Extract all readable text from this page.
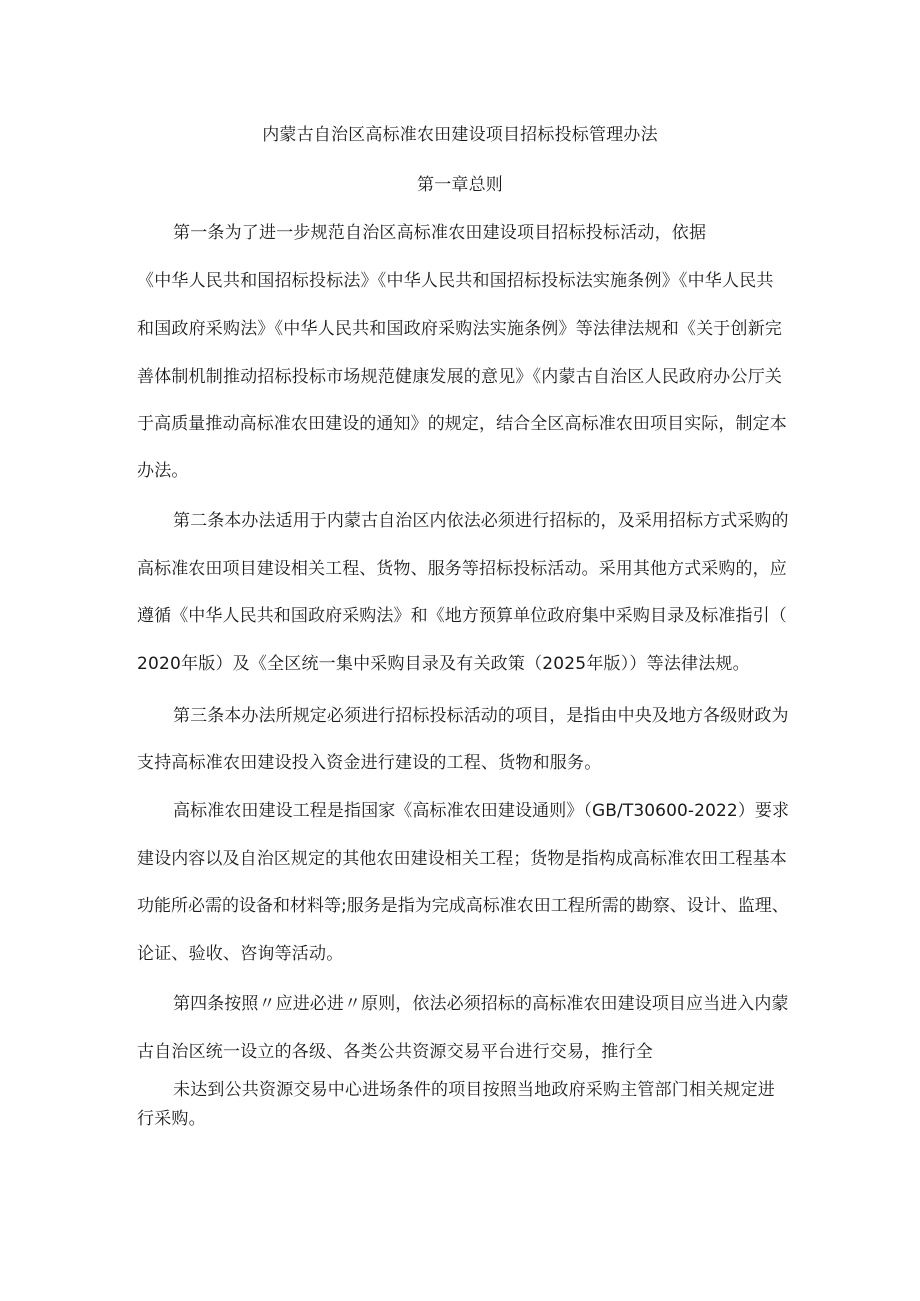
内蒙古自治区高标准农田建设项目招标投标管理办法
第一章总则
第一条为了进一步规范自治区高标准农田建设项目招标投标活动，依据
《中华人民共和国招标投标法》《中华人民共和国招标投标法实施条例》《中华人民共
和国政府采购法》《中华人民共和国政府采购法实施条例》等法律法规和《关于创新完
善体制机制推动招标投标市场规范健康发展的意见》《内蒙古自治区人民政府办公厅关
于高质量推动高标准农田建设的通知》的规定，结合全区高标准农田项目实际，制定本
办法。
第二条本办法适用于内蒙古自治区内依法必须进行招标的，及采用招标方式采购的
高标准农田项目建设相关工程、货物、服务等招标投标活动。采用其他方式采购的，应
遵循《中华人民共和国政府采购法》和《地方预算单位政府集中采购目录及标准指引（
2020年版）及《全区统一集中采购目录及有关政策（2025年版））等法律法规。
第三条本办法所规定必须进行招标投标活动的项目，是指由中央及地方各级财政为
支持高标准农田建设投入资金进行建设的工程、货物和服务。
高标准农田建设工程是指国家《高标准农田建设通则》（GB/T30600-2022）要求
建设内容以及自治区规定的其他农田建设相关工程；货物是指构成高标准农田工程基本
功能所必需的设备和材料等;服务是指为完成高标准农田工程所需的勘察、设计、监理、
论证、验收、咨询等活动。
第四条按照〃应进必进〃原则，依法必须招标的高标准农田建设项目应当进入内蒙
古自治区统一设立的各级、各类公共资源交易平台进行交易，推行全
未达到公共资源交易中心进场条件的项目按照当地政府采购主管部门相关规定进
行采购。
